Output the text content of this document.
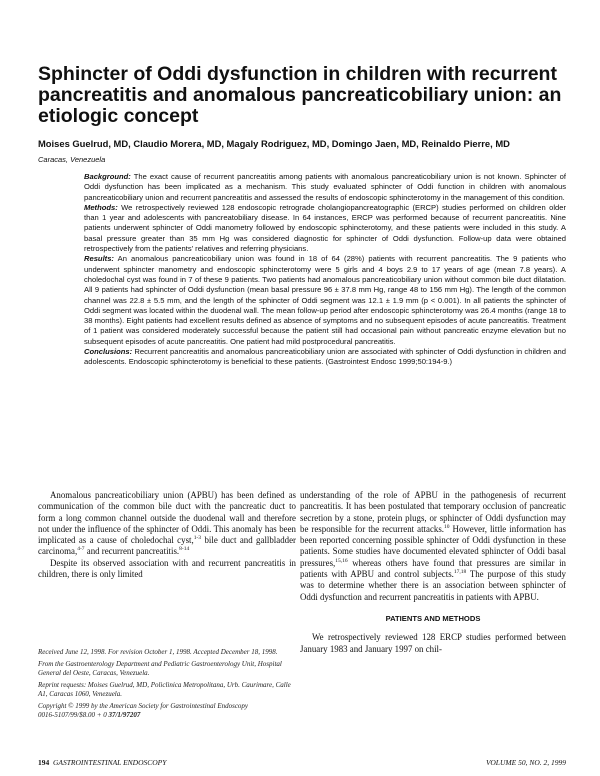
Sphincter of Oddi dysfunction in children with recurrent pancreatitis and anomalous pancreaticobiliary union: an etiologic concept
Moises Guelrud, MD, Claudio Morera, MD, Magaly Rodriguez, MD, Domingo Jaen, MD, Reinaldo Pierre, MD
Caracas, Venezuela

Background: The exact cause of recurrent pancreatitis among patients with anomalous pancreaticobiliary union is not known. Sphincter of Oddi dysfunction has been implicated as a mechanism. This study evaluated sphincter of Oddi function in children with anomalous pancreaticobiliary union and recurrent pancreatitis and assessed the results of endoscopic sphincterotomy in the management of this condition.

Methods: We retrospectively reviewed 128 endoscopic retrograde cholangiopancreatographic (ERCP) studies performed on children older than 1 year and adolescents with pancreatobiliary disease. In 64 instances, ERCP was performed because of recurrent pancreatitis. Nine patients underwent sphincter of Oddi manometry followed by endoscopic sphincterotomy, and these patients were included in this study. A basal pressure greater than 35 mm Hg was considered diagnostic for sphincter of Oddi dysfunction. Follow-up data were obtained retrospectively from the patients' relatives and referring physicians.

Results: An anomalous pancreaticobiliary union was found in 18 of 64 (28%) patients with recurrent pancreatitis. The 9 patients who underwent sphincter manometry and endoscopic sphincterotomy were 5 girls and 4 boys 2.9 to 17 years of age (mean 7.8 years). A choledochal cyst was found in 7 of these 9 patients. Two patients had anomalous pancreaticobiliary union without common bile duct dilatation. All 9 patients had sphincter of Oddi dysfunction (mean basal pressure 96 ± 37.8 mm Hg, range 48 to 156 mm Hg). The length of the common channel was 22.8 ± 5.5 mm, and the length of the sphincter of Oddi segment was 12.1 ± 1.9 mm (p < 0.001). In all patients the sphincter of Oddi segment was located within the duodenal wall. The mean follow-up period after endoscopic sphincterotomy was 26.4 months (range 18 to 38 months). Eight patients had excellent results defined as absence of symptoms and no subsequent episodes of acute pancreatitis. Treatment of 1 patient was considered moderately successful because the patient still had occasional pain without pancreatic enzyme elevation but no subsequent episodes of acute pancreatitis. One patient had mild postprocedural pancreatitis.

Conclusions: Recurrent pancreatitis and anomalous pancreaticobiliary union are associated with sphincter of Oddi dysfunction in children and adolescents. Endoscopic sphincterotomy is beneficial to these patients. (Gastrointest Endosc 1999;50:194-9.)

Anomalous pancreaticobiliary union (APBU) has been defined as communication of the common bile duct with the pancreatic duct to form a long common channel outside the duodenal wall and therefore not under the influence of the sphincter of Oddi. This anomaly has been implicated as a cause of choledochal cyst,$^{1-3}$ bile duct and gallbladder carcinoma,$^{4-7}$ and recurrent pancreatitis.$^{8-14}$

Despite its observed association with and recurrent pancreatitis in children, there is only limited

Received June 12, 1998. For revision October 1, 1998. Accepted December 18, 1998.

From the Gastroenterology Department and Pediatric Gastroenterology Unit, Hospital General del Oeste, Caracas, Venezuela.

Reprint requests: Moises Guelrud, MD, Policlinica Metropolitana, Urb. Caurimare, Calle A1, Caracas 1060, Venezuela.

Copyright © 1999 by the American Society for Gastrointestinal Endoscopy 0016-5107/99/$8.00 + 0 37/1/97207

understanding of the role of APBU in the pathogenesis of recurrent pancreatitis. It has been postulated that temporary occlusion of pancreatic secretion by a stone, protein plugs, or sphincter of Oddi dysfunction may be responsible for the recurrent attacks.$^{10}$ However, little information has been reported concerning possible sphincter of Oddi dysfunction in these patients. Some studies have documented elevated sphincter of Oddi basal pressures,$^{15,16}$ whereas others have found that pressures are similar in patients with APBU and control subjects.$^{17,18}$ The purpose of this study was to determine whether there is an association between sphincter of Oddi dysfunction and recurrent pancreatitis in patients with APBU.

PATIENTS AND METHODS

We retrospectively reviewed 128 ERCP studies performed between January 1983 and January 1997 on chil-

194 GASTROINTESTINAL ENDOSCOPY	VOLUME 50, NO. 2, 1999
